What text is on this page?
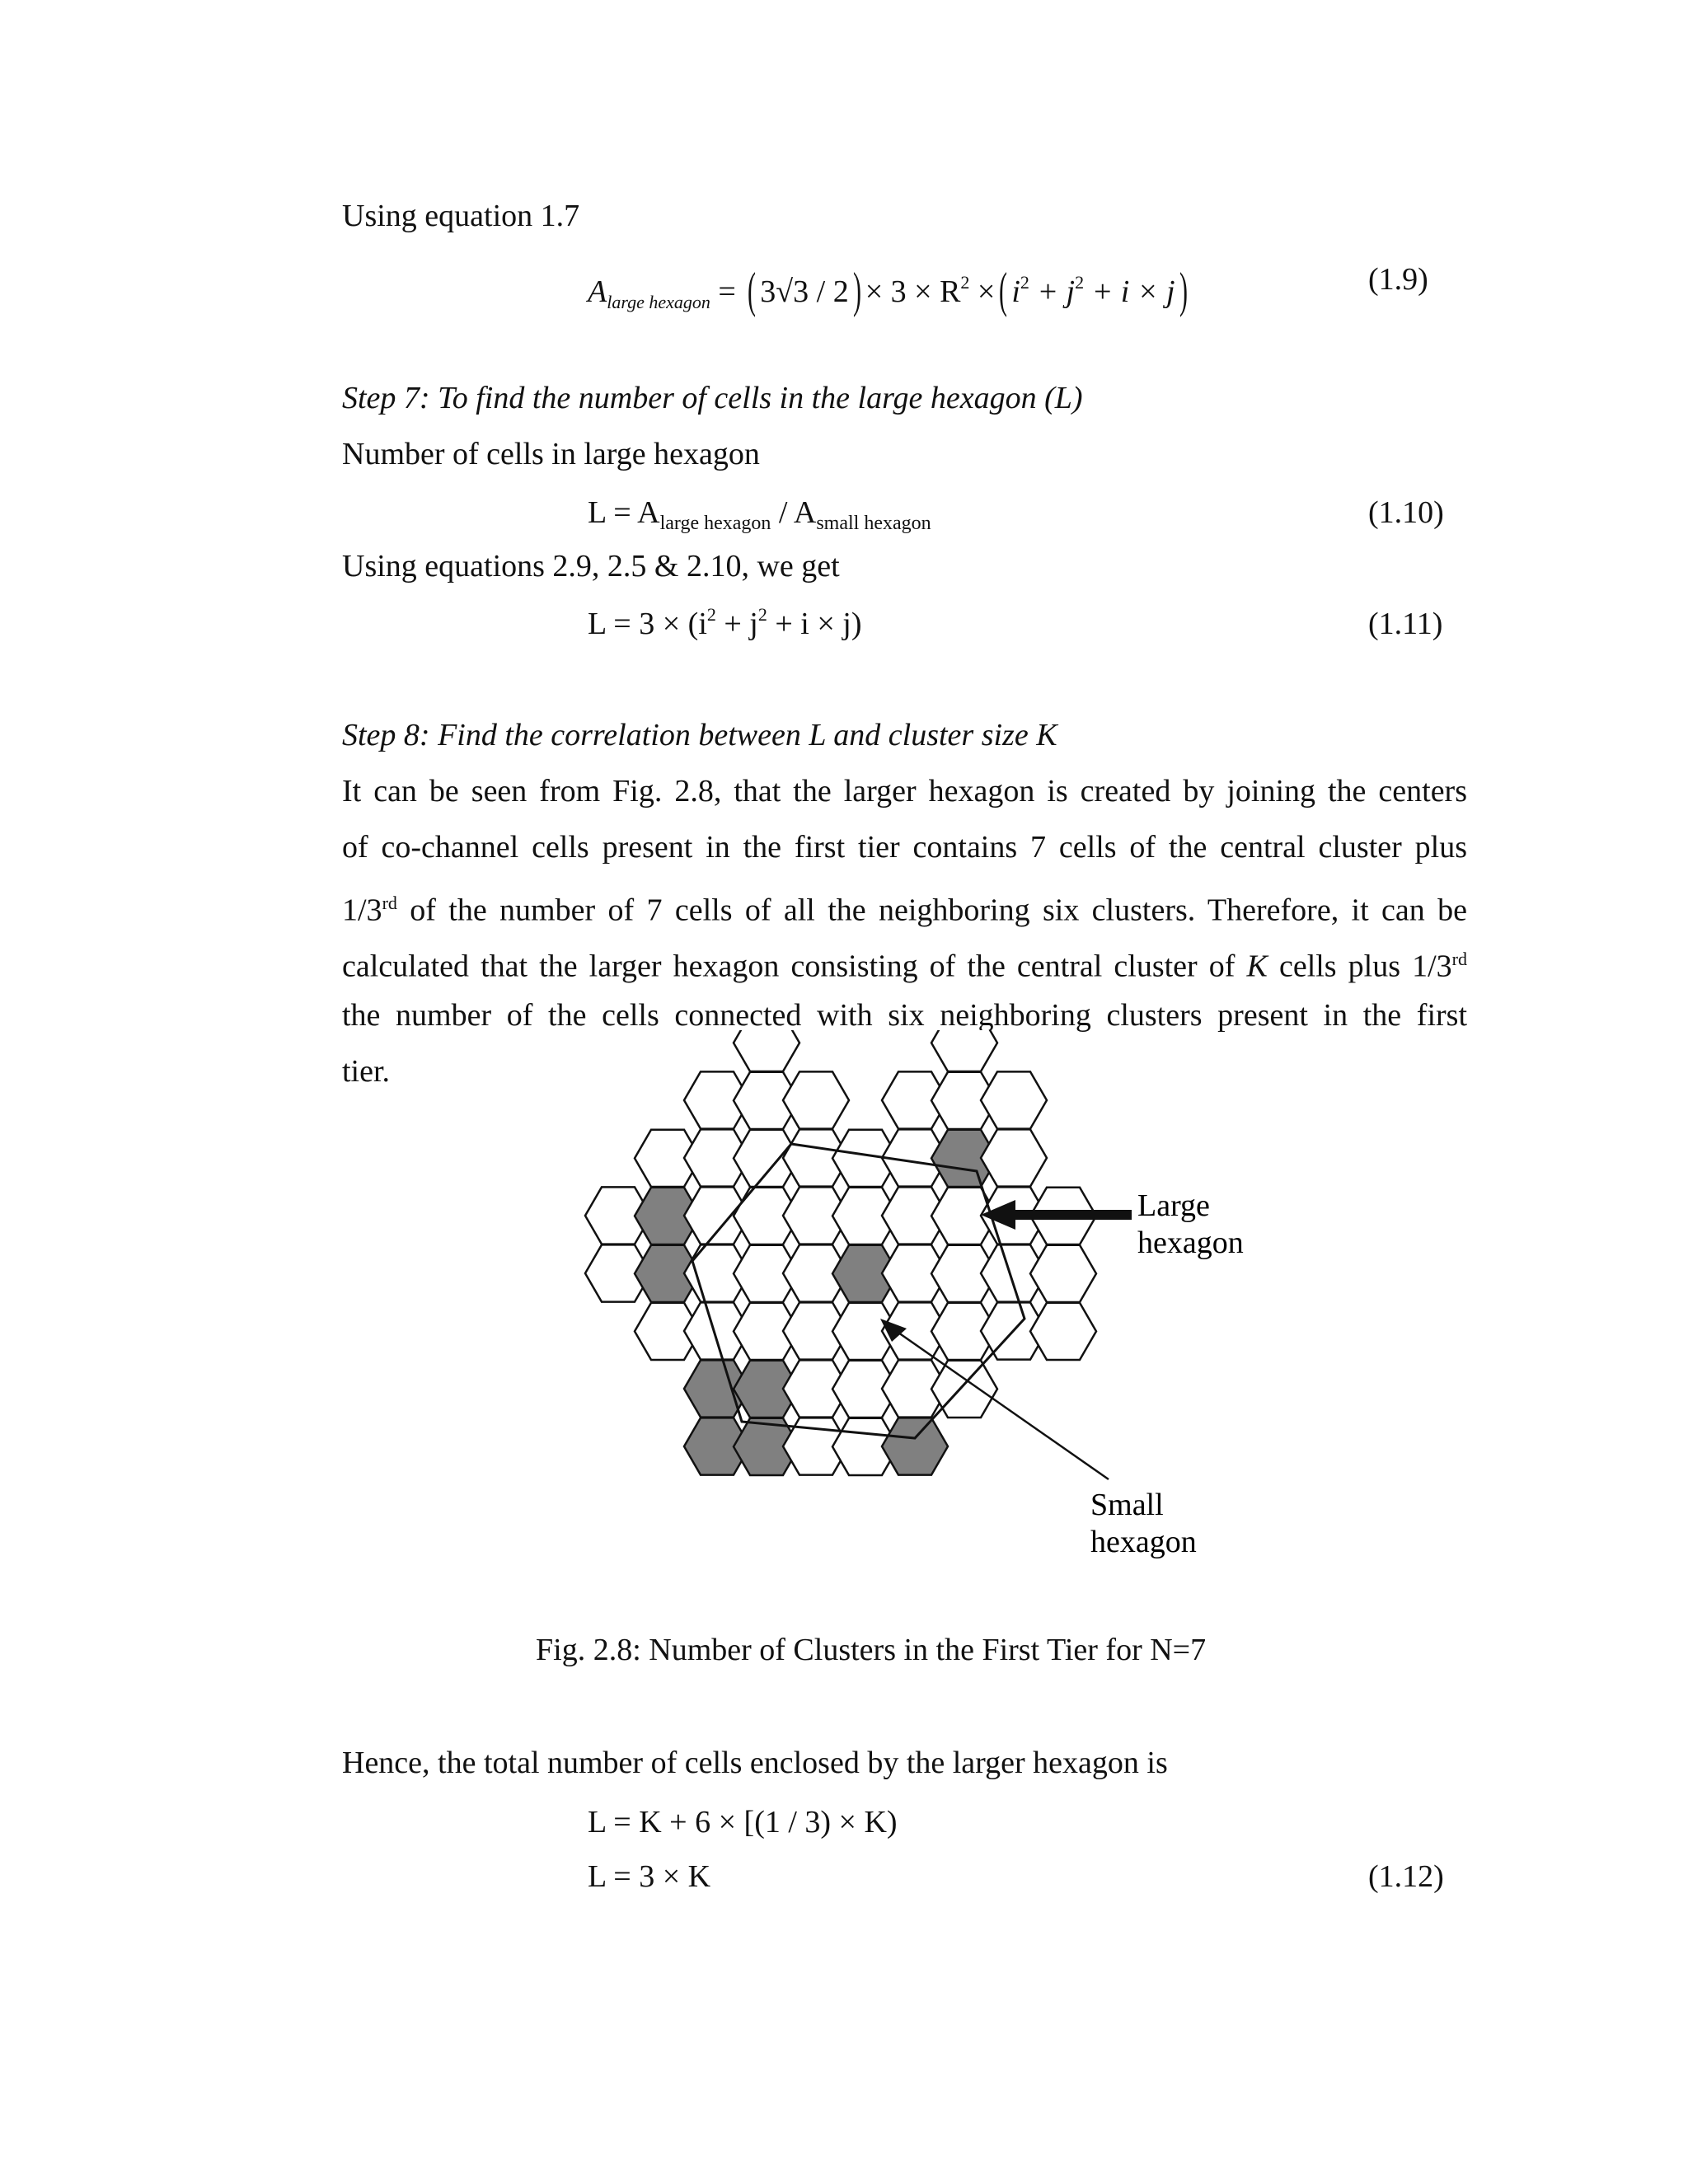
Using equation 1.7
$A_{large hexagon}$ = ( $3√3 / 2) \times 3 \times R^2$ ×( $i^2 + j^2 + i \times j$)	(1.9)
Step 7: To find the number of cells in the large hexagon (L)
Number of cells in large hexagon
$L = A_{large hexagon} / A_{small hexagon}$	(1.10)
Using equations 2.9, 2.5 & 2.10, we get
$L = 3 \times (i^2 + j^2 + i \times j)$	(1.11)
Step 8: Find the correlation between L and cluster size K
It can be seen from Fig. 2.8, that the larger hexagon is created by joining the centers
of co-channel cells present in the first tier contains 7 cells of the central cluster plus
1/3rd of the number of 7 cells of all the neighboring six clusters. Therefore, it can be
calculated that the larger hexagon consisting of the central cluster of K cells plus 1/3rd
the number of the cells connected with six neighboring clusters present in the first
tier.
Large
hexagon
Small
hexagon
Fig. 2.8: Number of Clusters in the First Tier for N=7
Hence, the total number of cells enclosed by the larger hexagon is
L = K + 6 × [(1 / 3) × K)
L = 3 × K	(1.12)
